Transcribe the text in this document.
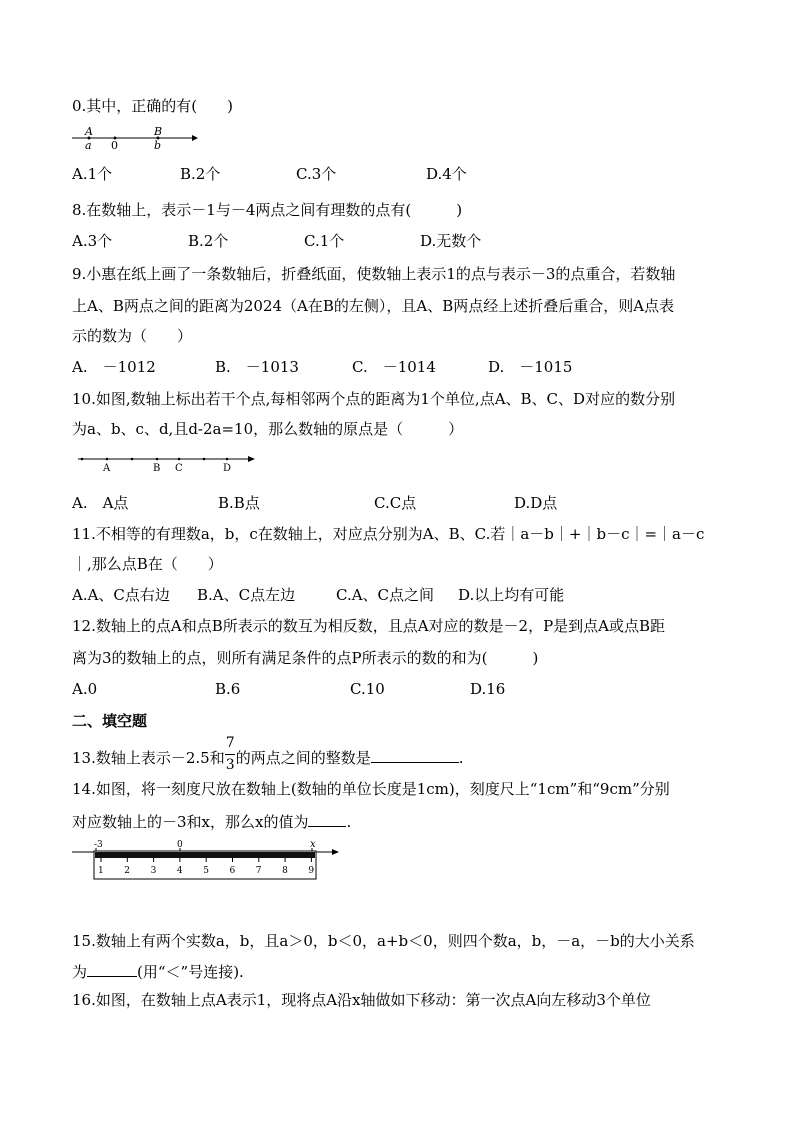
0.其中，正确的有(　　)
A
a 0
B
b
A.1个	B.2个	C.3个	D.4个
8.在数轴上，表示－1与－4两点之间有理数的点有(　　　)
A.3个	B.2个	C.1个	D.无数个
9.小惠在纸上画了一条数轴后，折叠纸面，使数轴上表示1的点与表示－3的点重合，若数轴
上A、B两点之间的距离为2024（A在B的左侧），且A、B两点经上述折叠后重合，则A点表
示的数为（　　）
A.　－1012	B.　－1013	C.　－1014	D.　－1015
10.如图,数轴上标出若干个点,每相邻两个点的距离为1个单位,点A、B、C、D对应的数分别
为a、b、c、d,且d-2a=10，那么数轴的原点是（　　　）
A	B C	D
A.　A点	B.B点	C.C点	D.D点
11.不相等的有理数a，b，c在数轴上，对应点分别为A、B、C.若｜a－b｜+｜b－c｜=｜a－c
｜,那么点B在（　　）
A.A、C点右边 B.A、C点左边	C.A、C点之间 D.以上均有可能
12.数轴上的点A和点B所表示的数互为相反数，且点A对应的数是－2，P是到点A或点B距
离为3的数轴上的点，则所有满足条件的点P所表示的数的和为(　　　)
A.0	B.6	C.10	D.16
二、填空题
13.数轴上表示－2.5和 $\frac{7}{3}$ 的两点之间的整数是	.
14.如图，将一刻度尺放在数轴上(数轴的单位长度是1cm)，刻度尺上“1cm”和“9cm”分别
对应数轴上的－3和x，那么x的值为	.
-3	0	x
1 2 3 4 5 6 7 8 9
15.数轴上有两个实数a，b，且a＞0，b＜0，a+b＜0，则四个数a，b，－a，－b的大小关系
为	(用“＜”号连接).
16.如图，在数轴上点A表示1，现将点A沿x轴做如下移动：第一次点A向左移动3个单位
